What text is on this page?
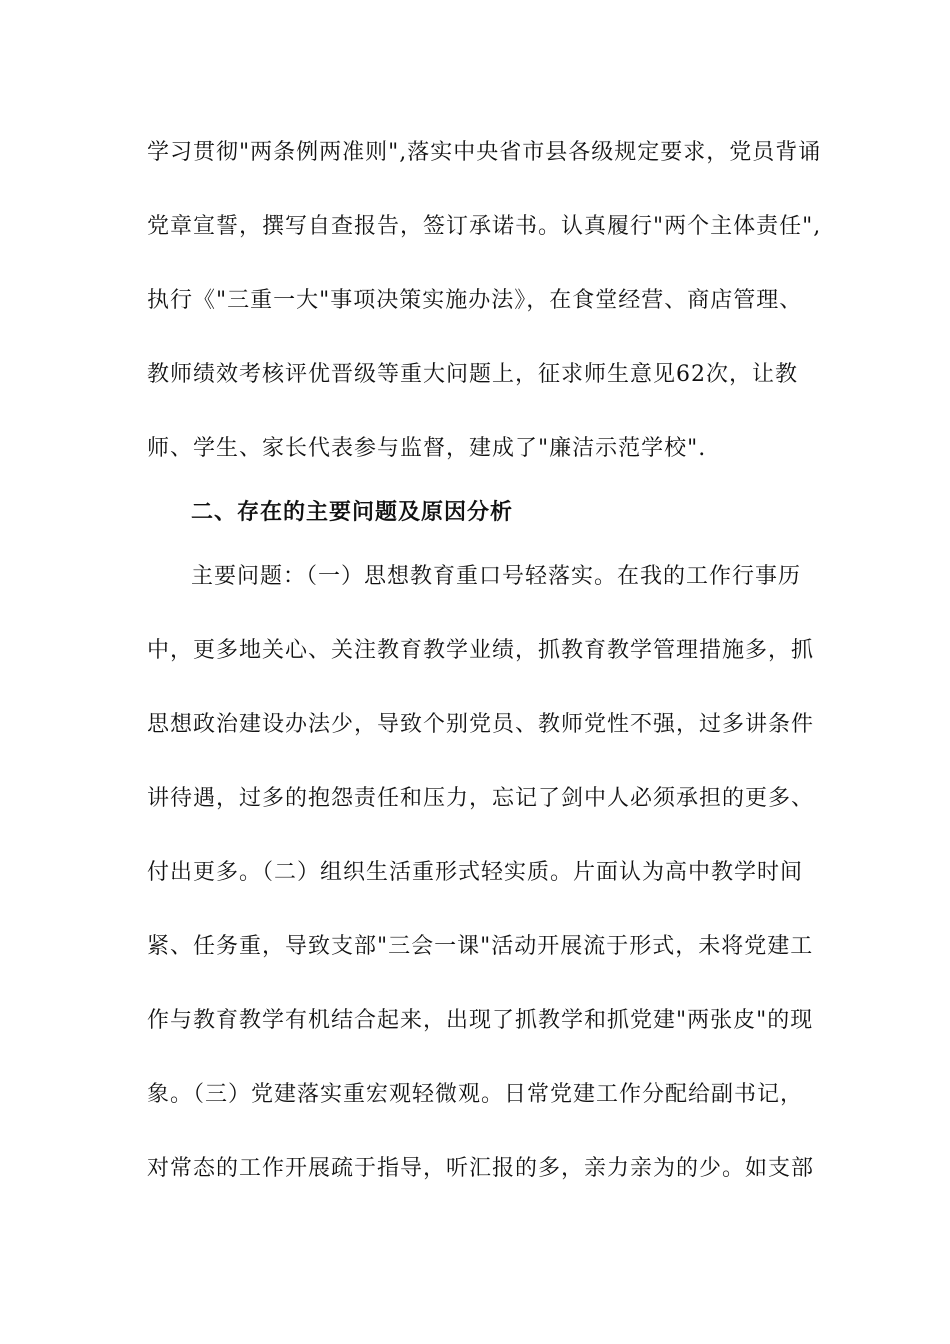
学习贯彻"两条例两准则",落实中央省市县各级规定要求，党员背诵
党章宣誓，撰写自查报告，签订承诺书。认真履行"两个主体责任",
执行《"三重一大"事项决策实施办法》，在食堂经营、商店管理、
教师绩效考核评优晋级等重大问题上，征求师生意见62次，让教
师、学生、家长代表参与监督，建成了"廉洁示范学校".
二、存在的主要问题及原因分析
主要问题：（一）思想教育重口号轻落实。在我的工作行事历
中，更多地关心、关注教育教学业绩，抓教育教学管理措施多，抓
思想政治建设办法少，导致个别党员、教师党性不强，过多讲条件
讲待遇，过多的抱怨责任和压力，忘记了剑中人必须承担的更多、
付出更多。（二）组织生活重形式轻实质。片面认为高中教学时间
紧、任务重，导致支部"三会一课"活动开展流于形式，未将党建工
作与教育教学有机结合起来，出现了抓教学和抓党建"两张皮"的现
象。（三）党建落实重宏观轻微观。日常党建工作分配给副书记，
对常态的工作开展疏于指导，听汇报的多，亲力亲为的少。如支部
